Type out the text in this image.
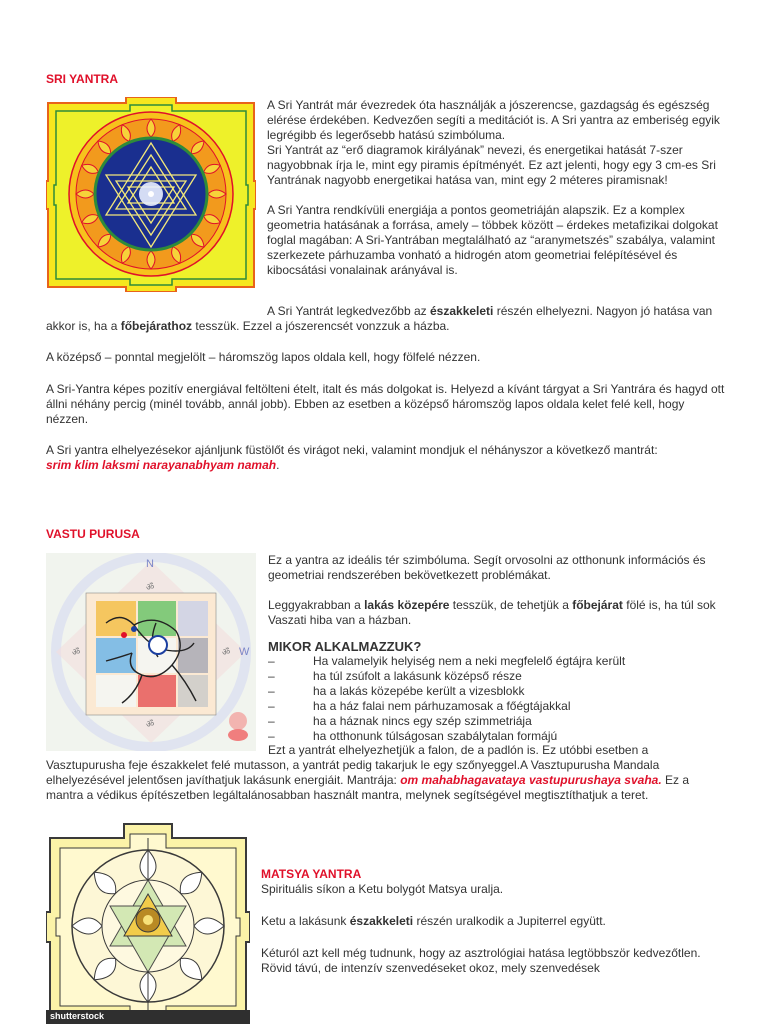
SRI YANTRA

A Sri Yantrát már évezredek óta használják a jószerencse, gazdagság és egészség elérése érdekében. Kedvezően segíti a meditációt is. A Sri yantra az emberiség egyik legrégibb és legerősebb hatású szimbóluma.

Sri Yantrát az “erő diagramok királyának” nevezi, és energetikai hatását 7-szer nagyobbnak írja le, mint egy piramis építményét. Ez azt jelenti, hogy egy 3 cm-es Sri Yantrának nagyobb energetikai hatása van, mint egy 2 méteres piramisnak!

A Sri Yantra rendkívüli energiája a pontos geometriáján alapszik. Ez a komplex geometria hatásának a forrása, amely – többek között – érdekes metafizikai dolgokat foglal magában: A Sri-Yantrában megtalálható az “aranymetszés” szabálya, valamint szerkezete párhuzamba vonható a hidrogén atom geometriai felépítésével és kibocsátási vonalainak arányával is.

A Sri Yantrát legkedvezőbb az északkeleti részén elhelyezni. Nagyon jó hatása van akkor is, ha a főbejárathoz tesszük. Ezzel a jószerencsét vonzzuk a házba.

A középső – ponntal megjelölt – háromszög lapos oldala kell, hogy fölfelé nézzen.

A Sri-Yantra képes pozitív energiával feltölteni ételt, italt és más dolgokat is. Helyezd a kívánt tárgyat a Sri Yantrára és hagyd ott állni néhány percig (minél tovább, annál jobb). Ebben az esetben a középső háromszög lapos oldala kelet felé kell, hogy nézzen.

A Sri yantra elhelyezésekor ajánljunk füstölőt és virágot neki, valamint mondjuk el néhányszor a következő mantrát: srim klim laksmi narayanabhyam namah.

VASTU PURUSA
ॐ
ॐ
ॐ	ॐ
N
W

Ez a yantra az ideális tér szimbóluma. Segít orvosolni az otthonunk információs és geometriai rendszerében bekövetkezett problémákat.

Leggyakrabban a lakás közepére tesszük, de tehetjük a főbejárat fölé is, ha túl sok Vaszati hiba van a házban.

MIKOR ALKALMAZZUK?

– Ha valamelyik helyiség nem a neki megfelelő égtájra került
– ha túl zsúfolt a lakásunk középső része
– ha a lakás közepébe került a vizesblokk
– ha a ház falai nem párhuzamosak a főégtájakkal
– ha a háznak nincs egy szép szimmetriája
– ha otthonunk túlságosan szabálytalan formájú

Ezt a yantrát elhelyezhetjük a falon, de a padlón is. Ez utóbbi esetben a Vasztupurusha feje északkelet felé mutasson, a yantrát pedig takarjuk le egy szőnyeggel.A Vasztupurusha Mandala elhelyezésével jelentősen javíthatjuk lakásunk energiáit. Mantrája: om mahabhagavataya vastupurushaya svaha. Ez a mantra a védikus építészetben legáltalánosabban használt mantra, melynek segítségével megtisztíthatjuk a teret.

shutterstock
MATSYA YANTRA

Spirituális síkon a Ketu bolygót Matsya uralja.

Ketu a lakásunk északkeleti részén uralkodik a Jupiterrel együtt.

Kéturól azt kell még tudnunk, hogy az asztrológiai hatása legtöbbször kedvezőtlen. Rövid távú, de intenzív szenvedéseket okoz, mely szenvedések
